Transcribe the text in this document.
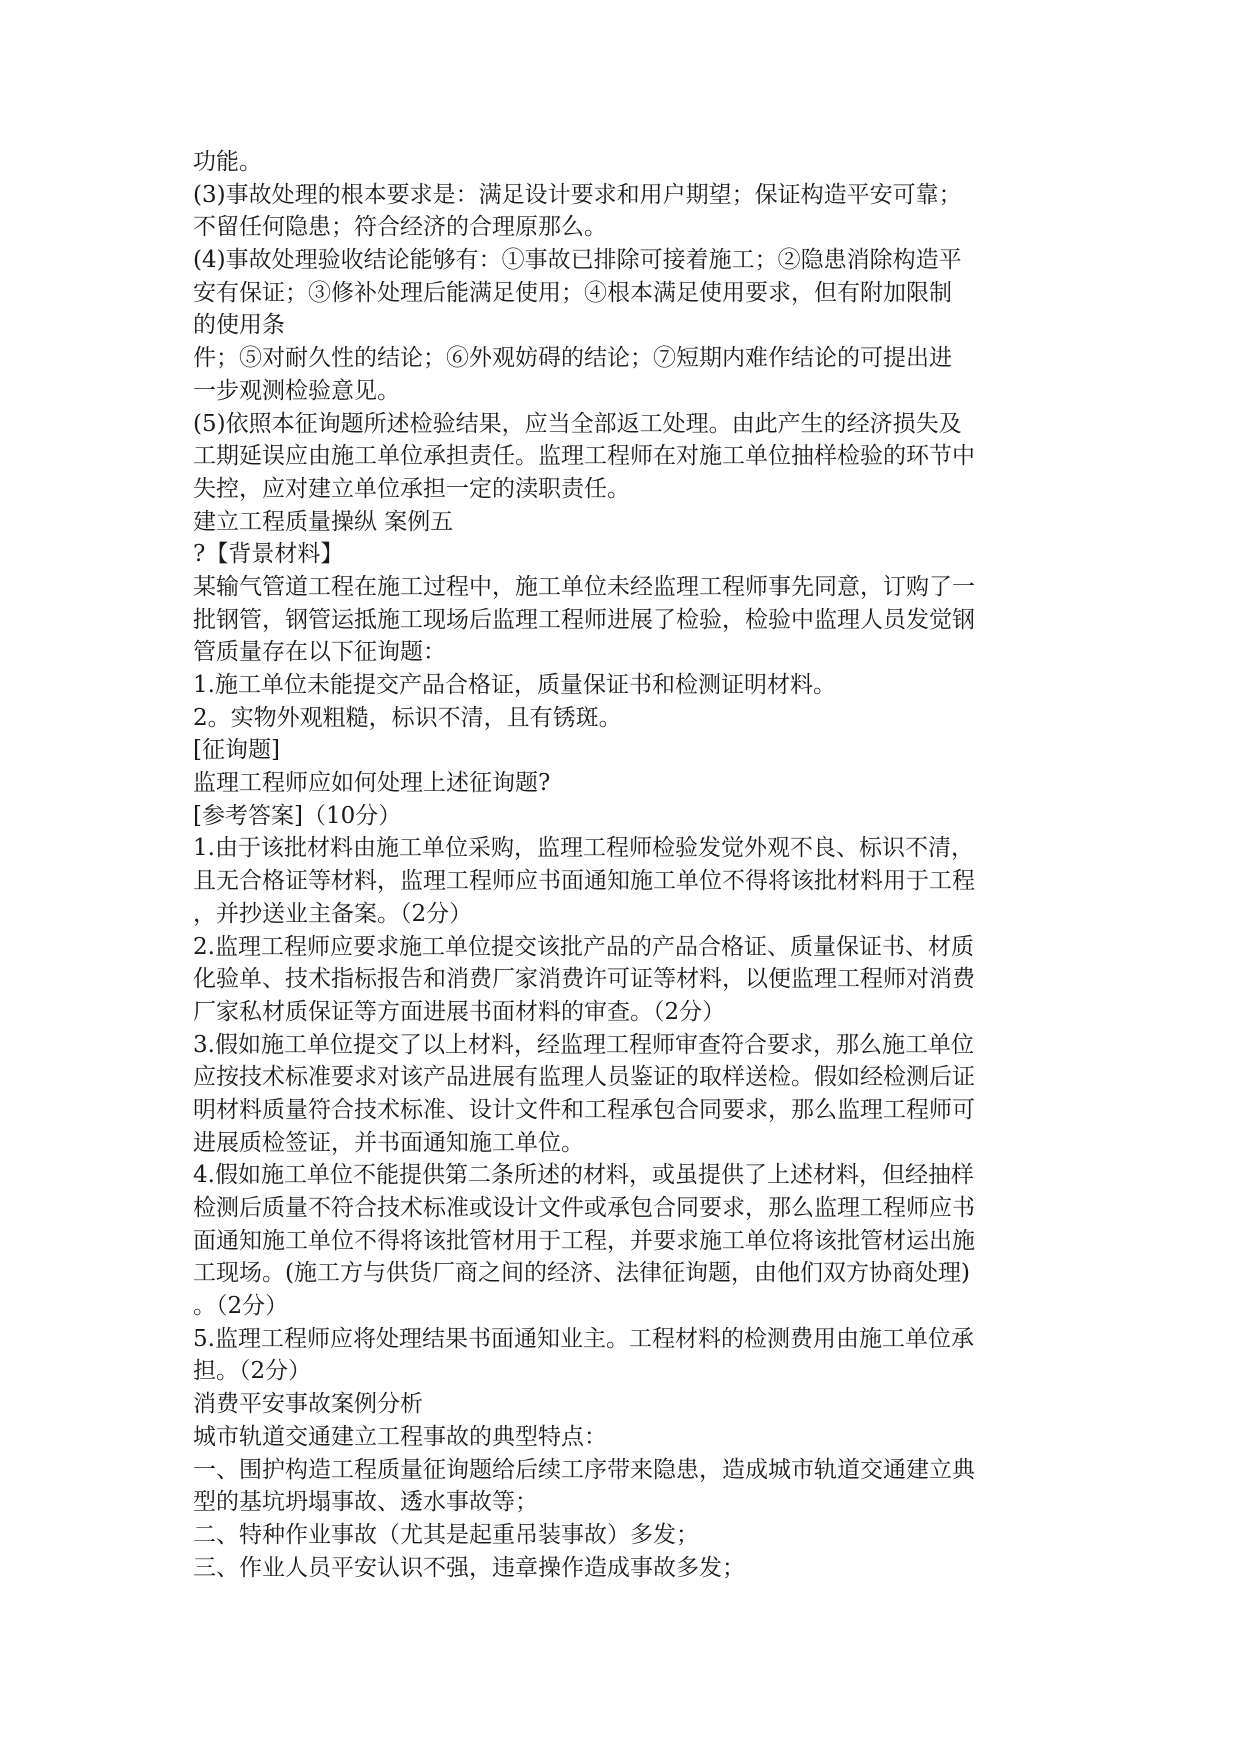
功能。
(3)事故处理的根本要求是：满足设计要求和用户期望；保证构造平安可靠；
不留任何隐患；符合经济的合理原那么。
(4)事故处理验收结论能够有：①事故已排除可接着施工；②隐患消除构造平
安有保证；③修补处理后能满足使用；④根本满足使用要求，但有附加限制
的使用条
件；⑤对耐久性的结论；⑥外观妨碍的结论；⑦短期内难作结论的可提出进
一步观测检验意见。
(5)依照本征询题所述检验结果，应当全部返工处理。由此产生的经济损失及
工期延误应由施工单位承担责任。监理工程师在对施工单位抽样检验的环节中
失控，应对建立单位承担一定的渎职责任。
建立工程质量操纵 案例五
?【背景材料】
某输气管道工程在施工过程中，施工单位未经监理工程师事先同意，订购了一
批钢管，钢管运抵施工现场后监理工程师进展了检验，检验中监理人员发觉钢
管质量存在以下征询题：
1.施工单位未能提交产品合格证，质量保证书和检测证明材料。
2。实物外观粗糙，标识不清，且有锈斑。
[征询题]
监理工程师应如何处理上述征询题?
[参考答案]（10分）
1.由于该批材料由施工单位采购，监理工程师检验发觉外观不良、标识不清，
且无合格证等材料，监理工程师应书面通知施工单位不得将该批材料用于工程
，并抄送业主备案。（2分）
2.监理工程师应要求施工单位提交该批产品的产品合格证、质量保证书、材质
化验单、技术指标报告和消费厂家消费许可证等材料，以便监理工程师对消费
厂家私材质保证等方面进展书面材料的审查。（2分）
3.假如施工单位提交了以上材料，经监理工程师审查符合要求，那么施工单位
应按技术标准要求对该产品进展有监理人员鉴证的取样送检。假如经检测后证
明材料质量符合技术标准、设计文件和工程承包合同要求，那么监理工程师可
进展质检签证，并书面通知施工单位。
4.假如施工单位不能提供第二条所述的材料，或虽提供了上述材料，但经抽样
检测后质量不符合技术标准或设计文件或承包合同要求，那么监理工程师应书
面通知施工单位不得将该批管材用于工程，并要求施工单位将该批管材运出施
工现场。(施工方与供货厂商之间的经济、法律征询题，由他们双方协商处理)
。（2分）
5.监理工程师应将处理结果书面通知业主。工程材料的检测费用由施工单位承
担。（2分）
消费平安事故案例分析
城市轨道交通建立工程事故的典型特点：
一、围护构造工程质量征询题给后续工序带来隐患，造成城市轨道交通建立典
型的基坑坍塌事故、透水事故等；
二、特种作业事故（尤其是起重吊装事故）多发；
三、作业人员平安认识不强，违章操作造成事故多发；
